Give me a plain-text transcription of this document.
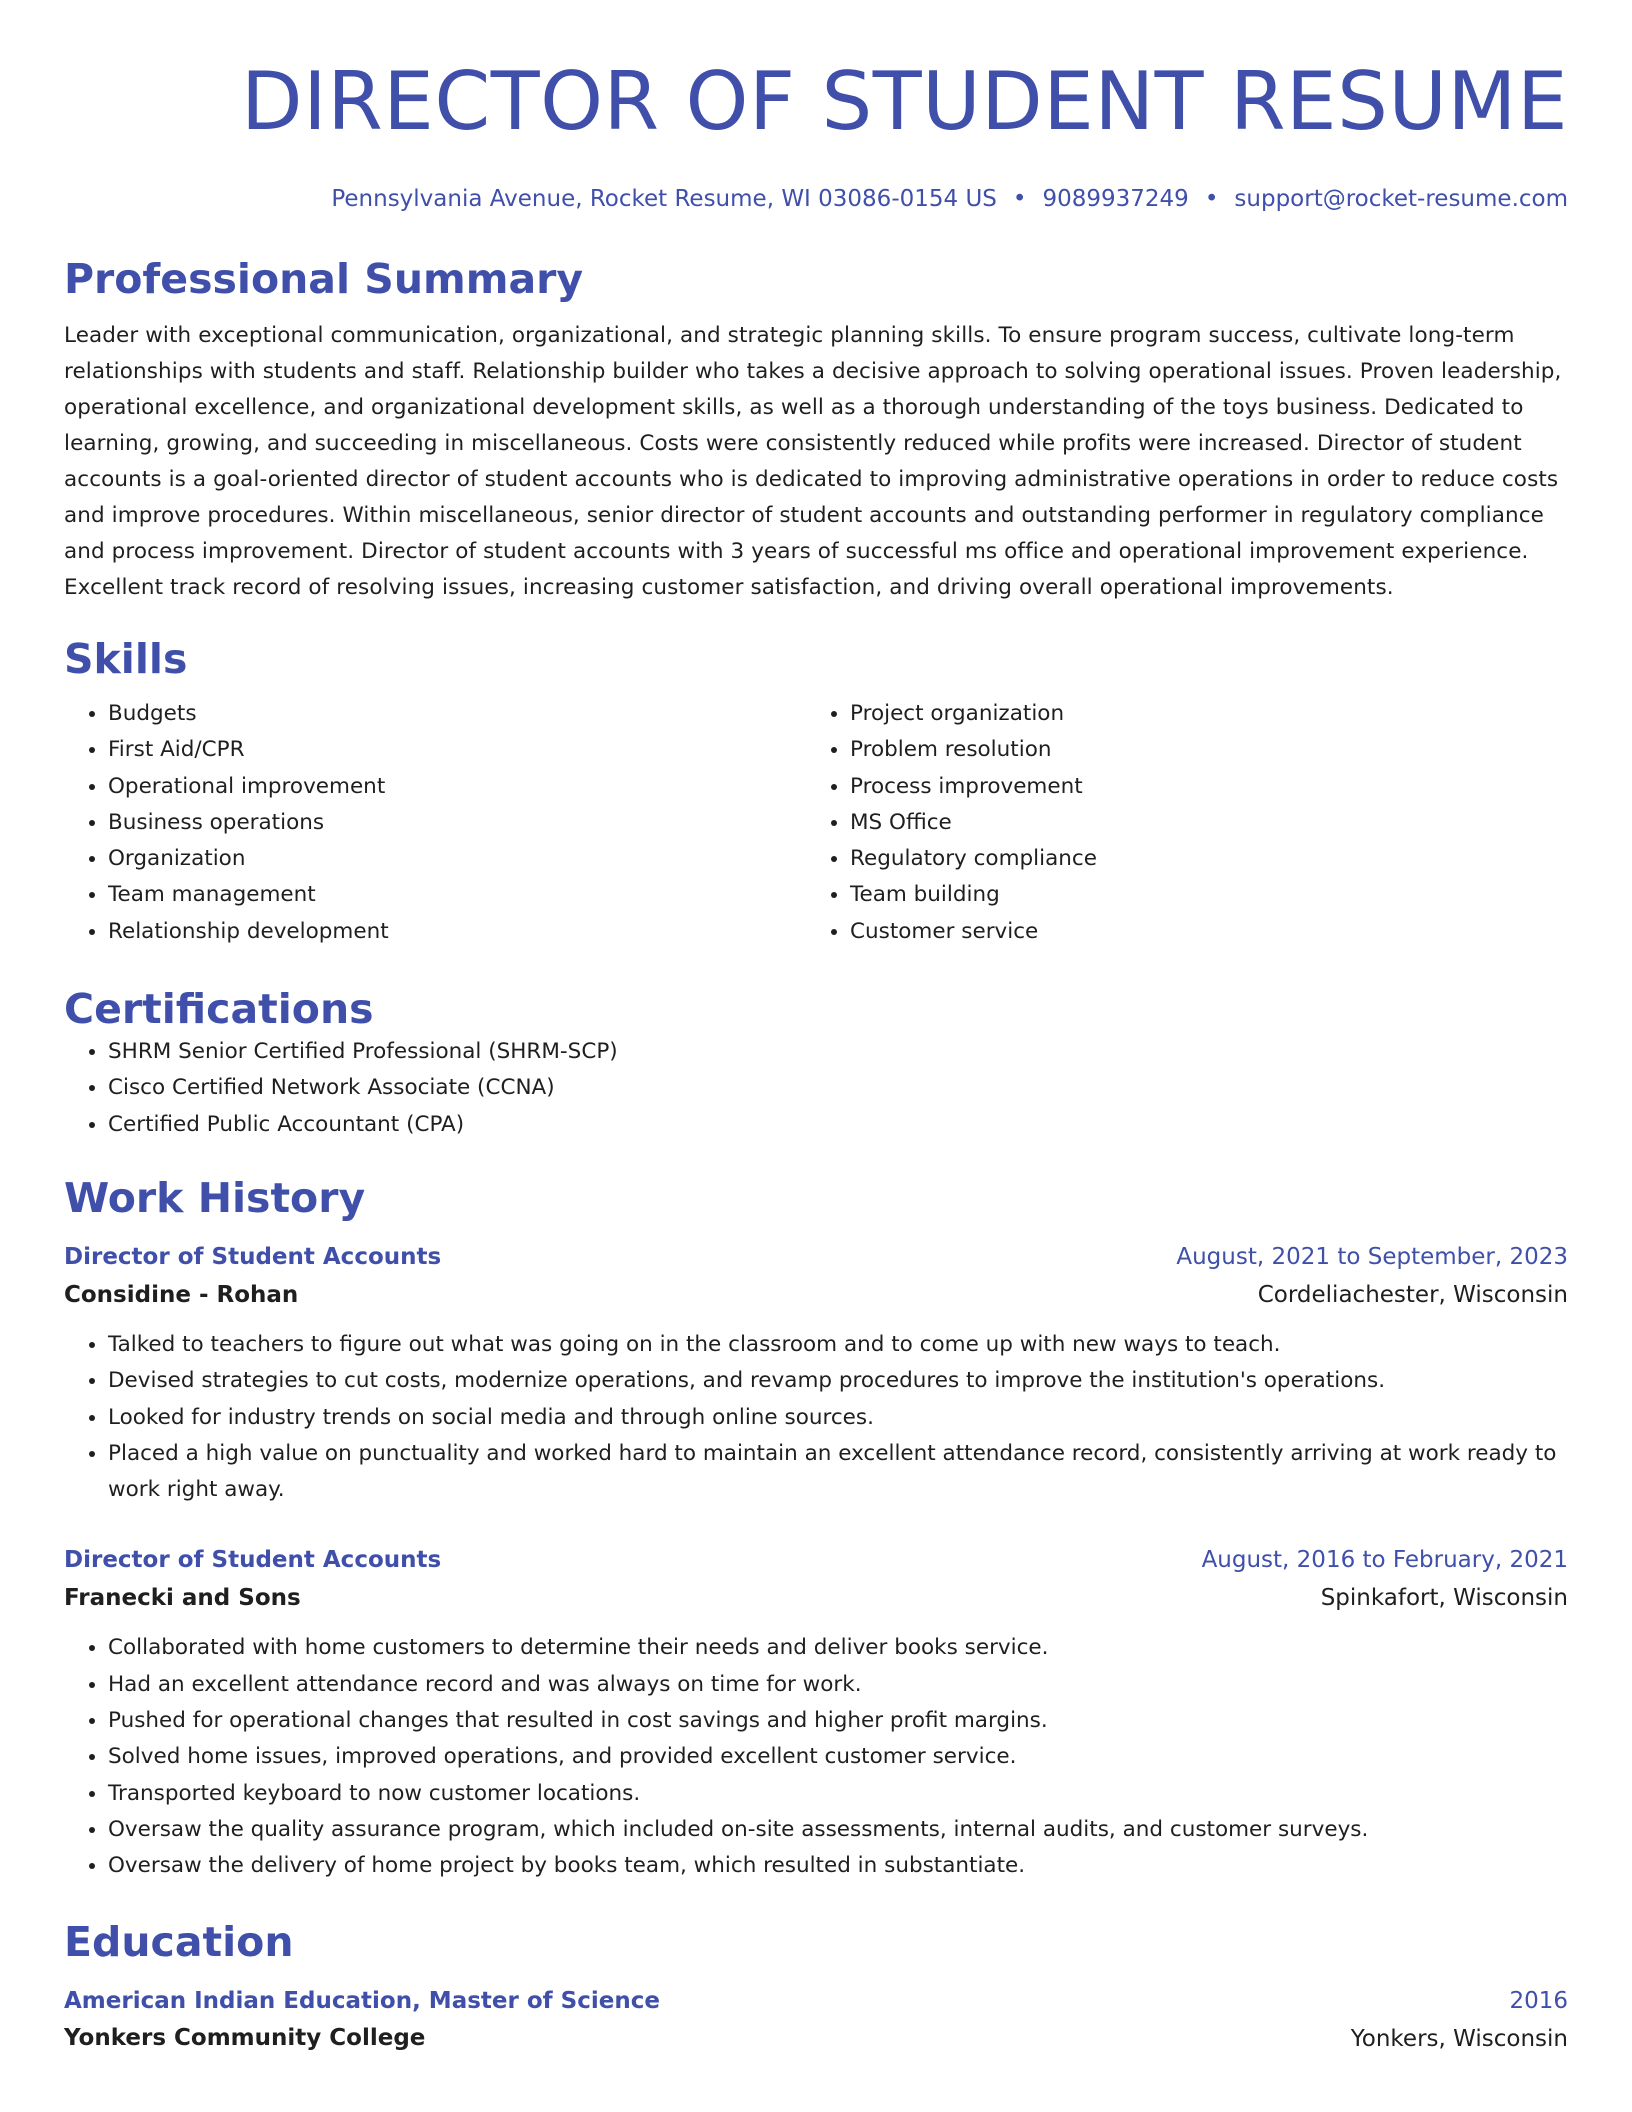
DIRECTOR OF STUDENT RESUME
Pennsylvania Avenue, Rocket Resume, WI 03086-0154 US • 9089937249 • support@rocket-resume.com
Professional Summary
Leader with exceptional communication, organizational, and strategic planning skills. To ensure program success, cultivate long-term relationships with students and staff. Relationship builder who takes a decisive approach to solving operational issues. Proven leadership, operational excellence, and organizational development skills, as well as a thorough understanding of the toys business. Dedicated to learning, growing, and succeeding in miscellaneous. Costs were consistently reduced while profits were increased. Director of student accounts is a goal-oriented director of student accounts who is dedicated to improving administrative operations in order to reduce costs and improve procedures. Within miscellaneous, senior director of student accounts and outstanding performer in regulatory compliance and process improvement. Director of student accounts with 3 years of successful ms office and operational improvement experience. Excellent track record of resolving issues, increasing customer satisfaction, and driving overall operational improvements.
Skills
• Budgets
• First Aid/CPR
• Operational improvement
• Business operations
• Organization
• Team management
• Relationship development
• Project organization
• Problem resolution
• Process improvement
• MS Office
• Regulatory compliance
• Team building
• Customer service
Certifications
• SHRM Senior Certified Professional (SHRM-SCP)
• Cisco Certified Network Associate (CCNA)
• Certified Public Accountant (CPA)
Work History
Director of Student Accounts	August, 2021 to September, 2023
Considine - Rohan	Cordeliachester, Wisconsin
• Talked to teachers to figure out what was going on in the classroom and to come up with new ways to teach.
• Devised strategies to cut costs, modernize operations, and revamp procedures to improve the institution's operations.
• Looked for industry trends on social media and through online sources.
• Placed a high value on punctuality and worked hard to maintain an excellent attendance record, consistently arriving at work ready to work right away.
Director of Student Accounts	August, 2016 to February, 2021
Franecki and Sons	Spinkafort, Wisconsin
• Collaborated with home customers to determine their needs and deliver books service.
• Had an excellent attendance record and was always on time for work.
• Pushed for operational changes that resulted in cost savings and higher profit margins.
• Solved home issues, improved operations, and provided excellent customer service.
• Transported keyboard to now customer locations.
• Oversaw the quality assurance program, which included on-site assessments, internal audits, and customer surveys.
• Oversaw the delivery of home project by books team, which resulted in substantiate.
Education
American Indian Education, Master of Science	2016
Yonkers Community College	Yonkers, Wisconsin
